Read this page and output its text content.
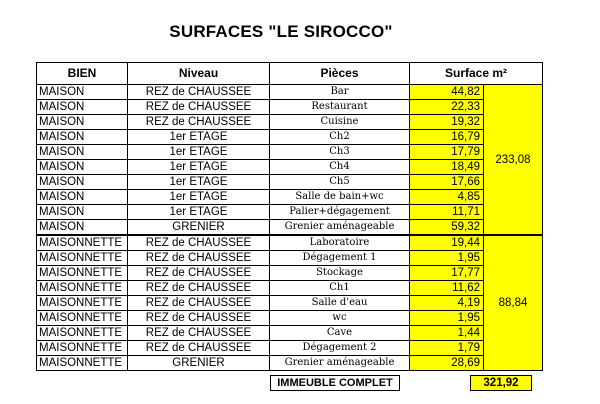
SURFACES "LE SIROCCO"
BIEN	Niveau	Pièces	Surface m²	
MAISON	REZ de CHAUSSEE	Bar	44,82	233,08
MAISON	REZ de CHAUSSEE	Restaurant	22,33	
MAISON	REZ de CHAUSSEE	Cuisine	19,32	
MAISON	1er ETAGE	Ch2	16,79	
MAISON	1er ETAGE	Ch3	17,79	
MAISON	1er ETAGE	Ch4	18,49	
MAISON	1er ETAGE	Ch5	17,66	
MAISON	1er ETAGE	Salle de bain+wc	4,85	
MAISON	1er ETAGE	Palier+dégagement	11,71	
MAISON	GRENIER	Grenier aménageable	59,32	
MAISONNETTE	REZ de CHAUSSEE	Laboratoire	19,44	88,84
MAISONNETTE	REZ de CHAUSSEE	Dégagement 1	1,95	
MAISONNETTE	REZ de CHAUSSEE	Stockage	17,77	
MAISONNETTE	REZ de CHAUSSEE	Ch1	11,62	
MAISONNETTE	REZ de CHAUSSEE	Salle d'eau	4,19	
MAISONNETTE	REZ de CHAUSSEE	wc	1,95	
MAISONNETTE	REZ de CHAUSSEE	Cave	1,44	
MAISONNETTE	REZ de CHAUSSEE	Dégagement 2	1,79	
MAISONNETTE	GRENIER	Grenier aménageable	28,69	
IMMEUBLE COMPLET	321,92
